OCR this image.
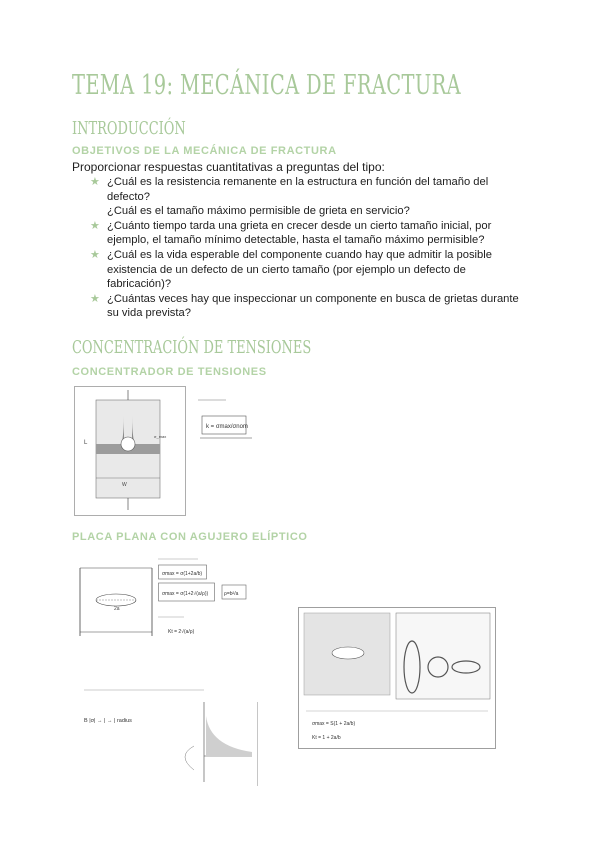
TEMA 19: MECÁNICA DE FRACTURA
INTRODUCCIÓN
OBJETIVOS DE LA MECÁNICA DE FRACTURA
Proporcionar respuestas cuantitativas a preguntas del tipo:
★ ¿Cuál es la resistencia remanente en la estructura en función del tamaño del defecto?
¿Cuál es el tamaño máximo permisible de grieta en servicio?
★ ¿Cuánto tiempo tarda una grieta en crecer desde un cierto tamaño inicial, por ejemplo, el tamaño mínimo detectable, hasta el tamaño máximo permisible?
★ ¿Cuál es la vida esperable del componente cuando hay que admitir la posible existencia de un defecto de un cierto tamaño (por ejemplo un defecto de fabricación)?
★ ¿Cuántas veces hay que inspeccionar un componente en busca de grietas durante su vida prevista?
CONCENTRACIÓN DE TENSIONES
CONCENTRADOR DE TENSIONES
L
W
σ_max
k = σmax/σnom
PLACA PLANA CON AGUJERO ELÍPTICO
2a
σmax = σ(1+2a/b)
σmax = σ(1+2√(a/ρ))	ρ=b²/a
Kt = 2√(a/ρ)
σmax = S(1 + 2a/b)
Kt = 1 + 2a/b
B |σ| → | → | radius
